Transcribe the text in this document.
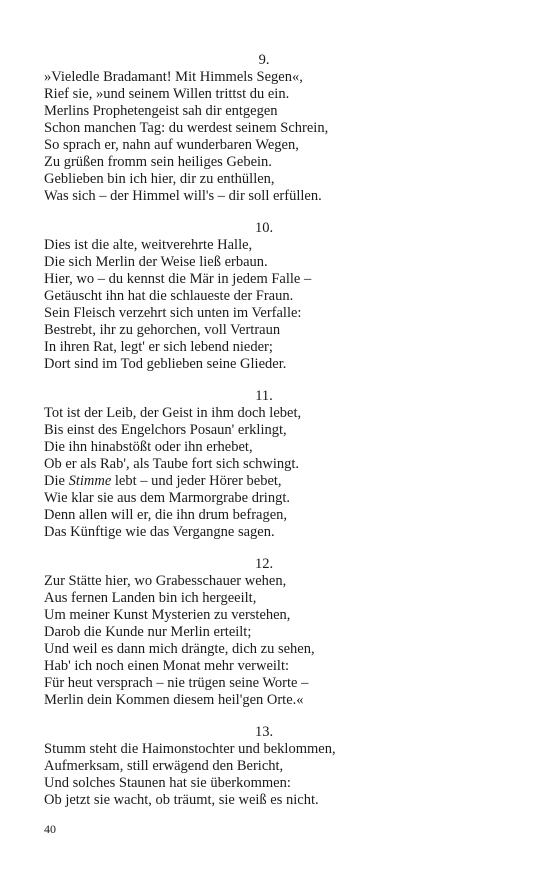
9.
»Vieledle Bradamant! Mit Himmels Segen«,
Rief sie, »und seinem Willen trittst du ein.
Merlins Prophetengeist sah dir entgegen
Schon manchen Tag: du werdest seinem Schrein,
So sprach er, nahn auf wunderbaren Wegen,
Zu grüßen fromm sein heiliges Gebein.
Geblieben bin ich hier, dir zu enthüllen,
Was sich – der Himmel will's – dir soll erfüllen.
10.
Dies ist die alte, weitverehrte Halle,
Die sich Merlin der Weise ließ erbaun.
Hier, wo – du kennst die Mär in jedem Falle –
Getäuscht ihn hat die schlaueste der Fraun.
Sein Fleisch verzehrt sich unten im Verfalle:
Bestrebt, ihr zu gehorchen, voll Vertraun
In ihren Rat, legt' er sich lebend nieder;
Dort sind im Tod geblieben seine Glieder.
11.
Tot ist der Leib, der Geist in ihm doch lebet,
Bis einst des Engelchors Posaun' erklingt,
Die ihn hinabstößt oder ihn erhebet,
Ob er als Rab', als Taube fort sich schwingt.
Die Stimme lebt – und jeder Hörer bebet,
Wie klar sie aus dem Marmorgrabe dringt.
Denn allen will er, die ihn drum befragen,
Das Künftige wie das Vergangne sagen.
12.
Zur Stätte hier, wo Grabesschauer wehen,
Aus fernen Landen bin ich hergeeilt,
Um meiner Kunst Mysterien zu verstehen,
Darob die Kunde nur Merlin erteilt;
Und weil es dann mich drängte, dich zu sehen,
Hab' ich noch einen Monat mehr verweilt:
Für heut versprach – nie trügen seine Worte –
Merlin dein Kommen diesem heil'gen Orte.«
13.
Stumm steht die Haimonstochter und beklommen,
Aufmerksam, still erwägend den Bericht,
Und solches Staunen hat sie überkommen:
Ob jetzt sie wacht, ob träumt, sie weiß es nicht.
40
